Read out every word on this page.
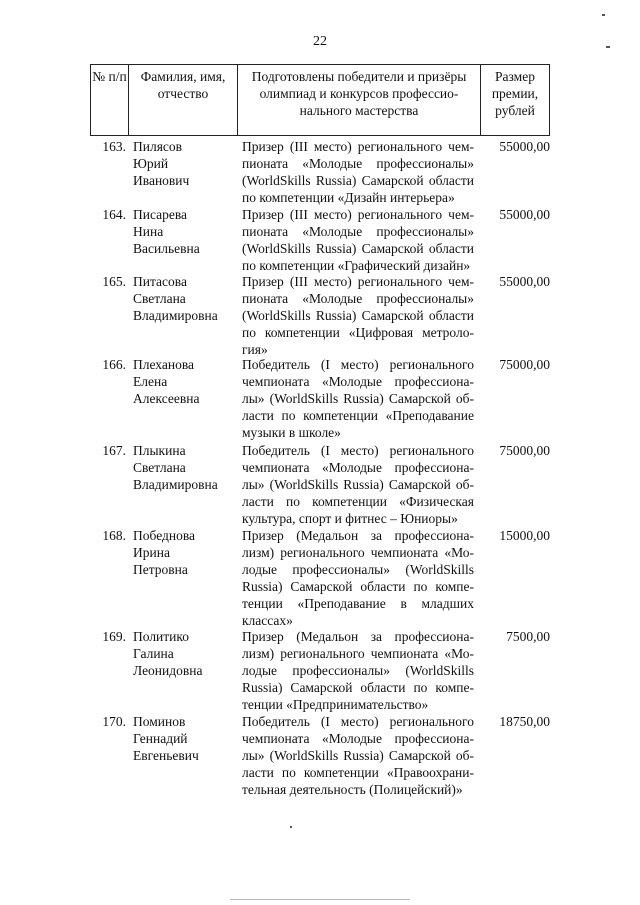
22
№ п/п	Фамилия, имя, отчество
Подготовлены победители и призёры олимпиад и конкурсов профессио-нального мастерства
Размер премии, рублей
163. Пилясов
Юрий
Иванович
Призер (III место) регионального чем-
пионата «Молодые профессионалы»
(WorldSkills Russia) Самарской области
по компетенции «Дизайн интерьера»
55000,00
164. Писарева
Нина
Васильевна
Призер (III место) регионального чем-
пионата «Молодые профессионалы»
(WorldSkills Russia) Самарской области
по компетенции «Графический дизайн»
55000,00
165. Питасова
Светлана
Владимировна
Призер (III место) регионального чем-
пионата «Молодые профессионалы»
(WorldSkills Russia) Самарской области
по компетенции «Цифровая метроло-
гия»
55000,00
166. Плеханова
Елена
Алексеевна
Победитель (I место) регионального
чемпионата «Молодые профессиона-
лы» (WorldSkills Russia) Самарской об-
ласти по компетенции «Преподавание
музыки в школе»
75000,00
167. Плыкина
Светлана
Владимировна
Победитель (I место) регионального
чемпионата «Молодые профессиона-
лы» (WorldSkills Russia) Самарской об-
ласти по компетенции «Физическая
культура, спорт и фитнес – Юниоры»
75000,00
168. Победнова
Ирина
Петровна
Призер (Медальон за профессиона-
лизм) регионального чемпионата «Мо-
лодые профессионалы» (WorldSkills
Russia) Самарской области по компе-
тенции «Преподавание в младших
классах»
15000,00
169. Политико
Галина
Леонидовна
Призер (Медальон за профессиона-
лизм) регионального чемпионата «Мо-
лодые профессионалы» (WorldSkills
Russia) Самарской области по компе-
тенции «Предпринимательство»
7500,00
170. Поминов
Геннадий
Евгеньевич
Победитель (I место) регионального
чемпионата «Молодые профессиона-
лы» (WorldSkills Russia) Самарской об-
ласти по компетенции «Правоохрани-
тельная деятельность (Полицейский)»
18750,00
